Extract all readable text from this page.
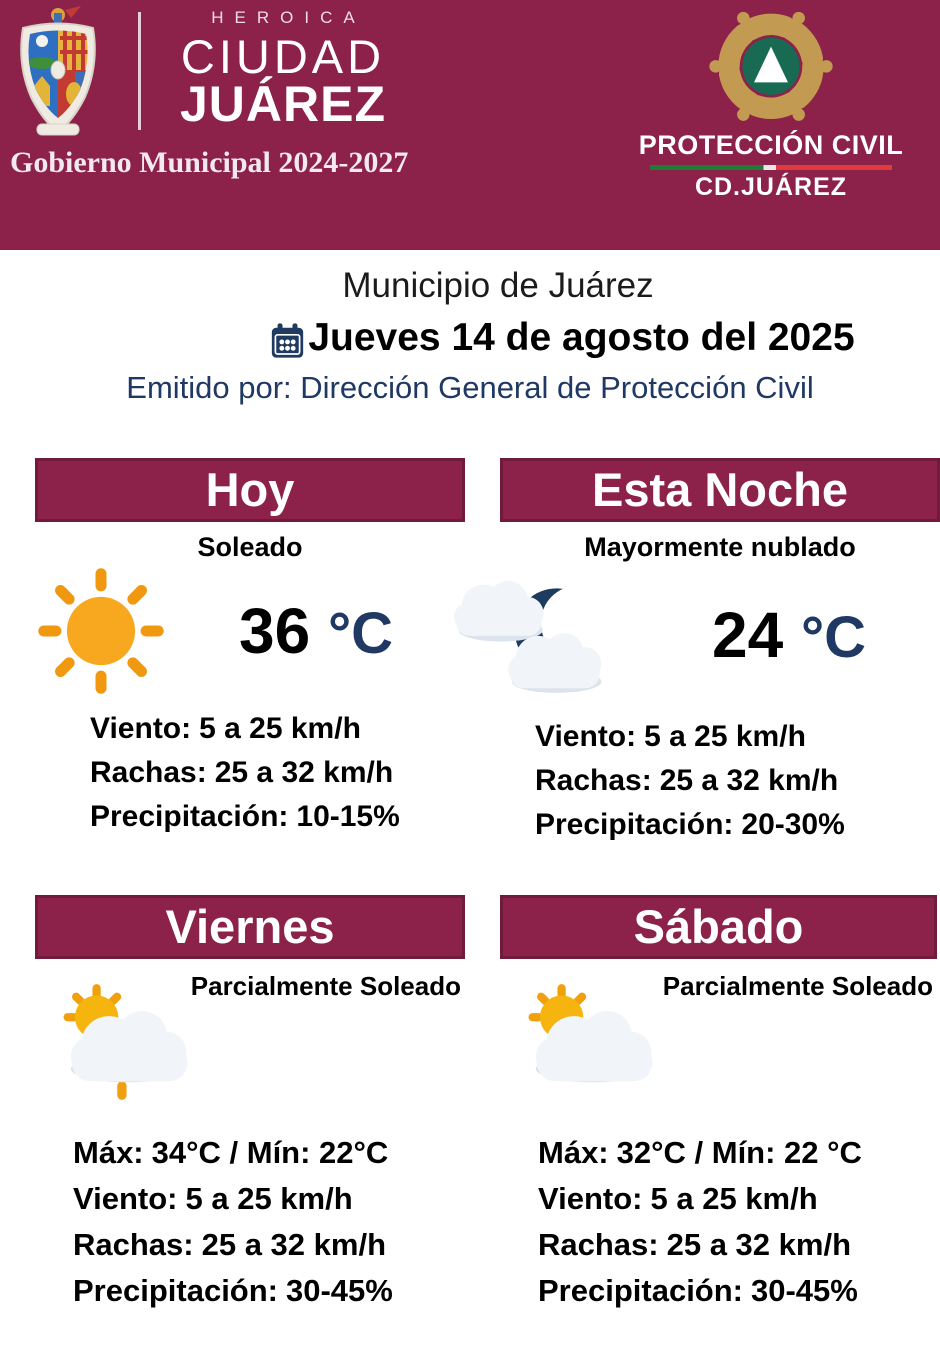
HEROICA
CIUDAD
JUÁREZ
Gobierno Municipal 2024-2027
PROTECCIÓN CIVIL
CD.JUÁREZ
Municipio de Juárez
Jueves 14 de agosto del 2025
Emitido por: Dirección General de Protección Civil
Hoy
Soleado
36 °C
Viento: 5 a 25 km/h
Rachas: 25 a 32 km/h
Precipitación: 10-15%
Esta Noche
Mayormente nublado
24 °C
Viento: 5 a 25 km/h
Rachas: 25 a 32 km/h
Precipitación: 20-30%
Viernes
Parcialmente Soleado
Máx: 34°C / Mín: 22°C
Viento: 5 a 25 km/h
Rachas: 25 a 32 km/h
Precipitación: 30-45%
Sábado
Parcialmente Soleado
Máx: 32°C / Mín: 22 °C
Viento: 5 a 25 km/h
Rachas: 25 a 32 km/h
Precipitación: 30-45%
